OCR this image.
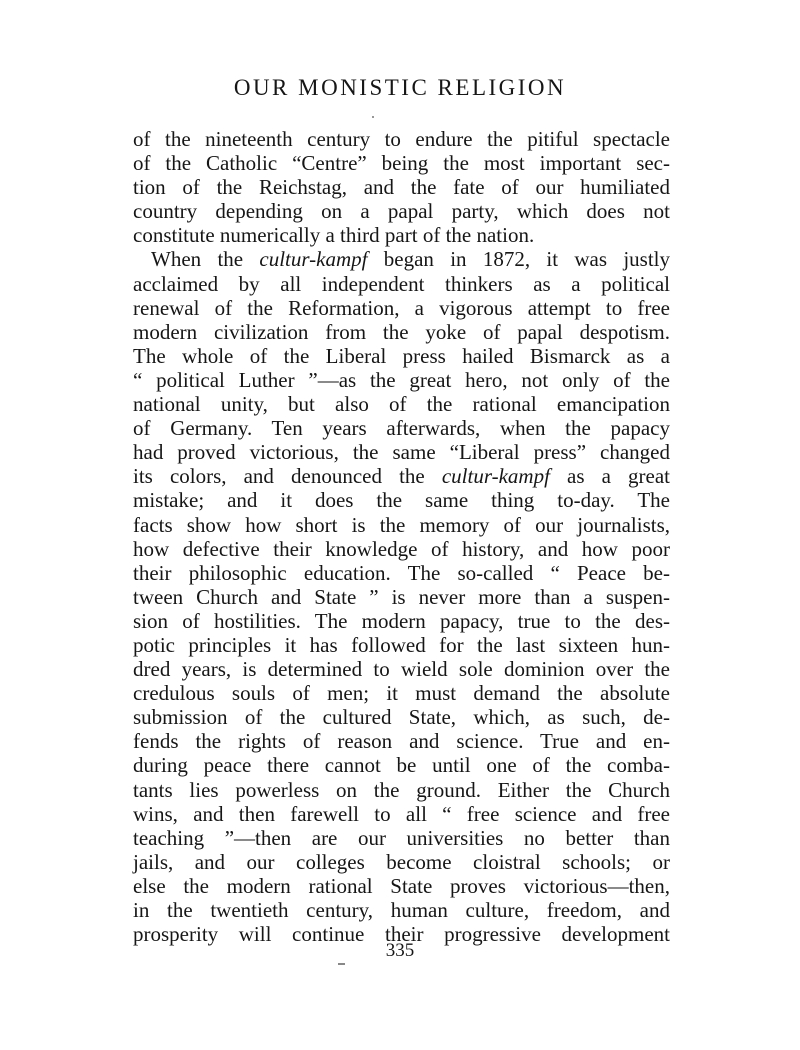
OUR MONISTIC RELIGION
of the nineteenth century to endure the pitiful spectacle
of the Catholic “Centre” being the most important sec-
tion of the Reichstag, and the fate of our humiliated
country depending on a papal party, which does not
constitute numerically a third part of the nation.
When the cultur-kampf began in 1872, it was justly
acclaimed by all independent thinkers as a political
renewal of the Reformation, a vigorous attempt to free
modern civilization from the yoke of papal despotism.
The whole of the Liberal press hailed Bismarck as a
“ political Luther ”—as the great hero, not only of the
national unity, but also of the rational emancipation
of Germany. Ten years afterwards, when the papacy
had proved victorious, the same “Liberal press” changed
its colors, and denounced the cultur-kampf as a great
mistake; and it does the same thing to-day. The
facts show how short is the memory of our journalists,
how defective their knowledge of history, and how poor
their philosophic education. The so-called “ Peace be-
tween Church and State ” is never more than a suspen-
sion of hostilities. The modern papacy, true to the des-
potic principles it has followed for the last sixteen hun-
dred years, is determined to wield sole dominion over the
credulous souls of men; it must demand the absolute
submission of the cultured State, which, as such, de-
fends the rights of reason and science. True and en-
during peace there cannot be until one of the comba-
tants lies powerless on the ground. Either the Church
wins, and then farewell to all “ free science and free
teaching ”—then are our universities no better than
jails, and our colleges become cloistral schools; or
else the modern rational State proves victorious—then,
in the twentieth century, human culture, freedom, and
prosperity will continue their progressive development
335
